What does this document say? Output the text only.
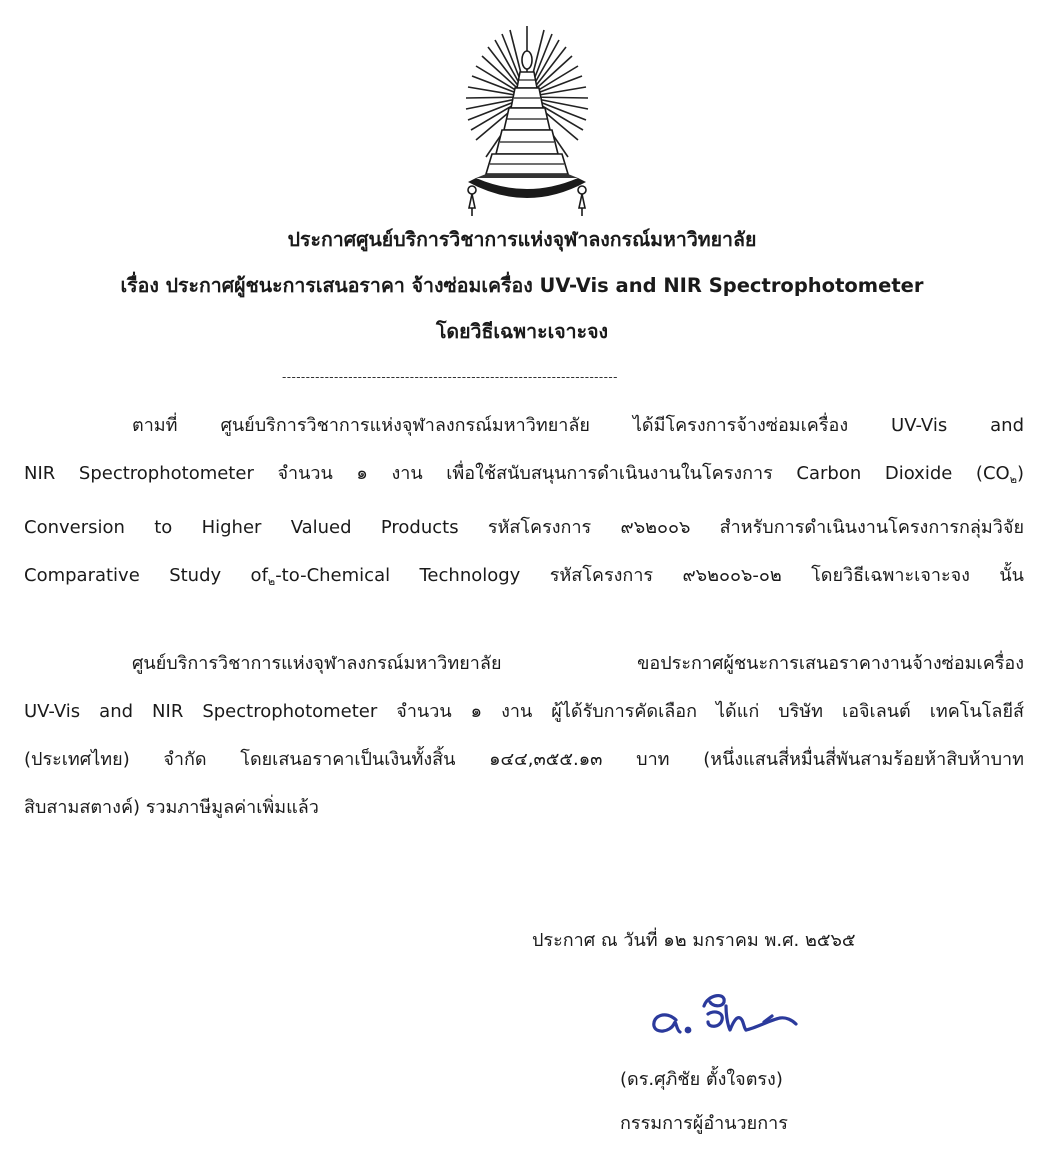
ประกาศศูนย์บริการวิชาการแห่งจุฬาลงกรณ์มหาวิทยาลัย
เรื่อง ประกาศผู้ชนะการเสนอราคา จ้างซ่อมเครื่อง UV-Vis and NIR Spectrophotometer
โดยวิธีเฉพาะเจาะจง
-----------------------------------------------------------------------
ตามที่ ศูนย์บริการวิชาการแห่งจุฬาลงกรณ์มหาวิทยาลัย ได้มีโครงการจ้างซ่อมเครื่อง UV-Vis and
NIR Spectrophotometer จำนวน ๑ งาน เพื่อใช้สนับสนุนการดำเนินงานในโครงการ Carbon Dioxide $(CO_๒)$
Conversion to Higher Valued Products รหัสโครงการ ๙๖๒๐๐๖ สำหรับการดำเนินงานโครงการกลุ่มวิจัย
Comparative Study $of_๒-to$-Chemical Technology รหัสโครงการ ๙๖๒๐๐๖-๐๒ โดยวิธีเฉพาะเจาะจง นั้น
ศูนย์บริการวิชาการแห่งจุฬาลงกรณ์มหาวิทยาลัย ขอประกาศผู้ชนะการเสนอราคางานจ้างซ่อมเครื่อง
UV-Vis and NIR Spectrophotometer จำนวน ๑ งาน ผู้ได้รับการคัดเลือก ได้แก่ บริษัท เอจิเลนต์ เทคโนโลยีส์
(ประเทศไทย) จำกัด โดยเสนอราคาเป็นเงินทั้งสิ้น ๑๔๔,๓๕๕.๑๓ บาท (หนึ่งแสนสี่หมื่นสี่พันสามร้อยห้าสิบห้าบาท
สิบสามสตางค์) รวมภาษีมูลค่าเพิ่มแล้ว
ประกาศ ณ วันที่ ๑๒ มกราคม พ.ศ. ๒๕๖๕
(ดร.ศุภิชัย ตั้งใจตรง)
กรรมการผู้อำนวยการ
